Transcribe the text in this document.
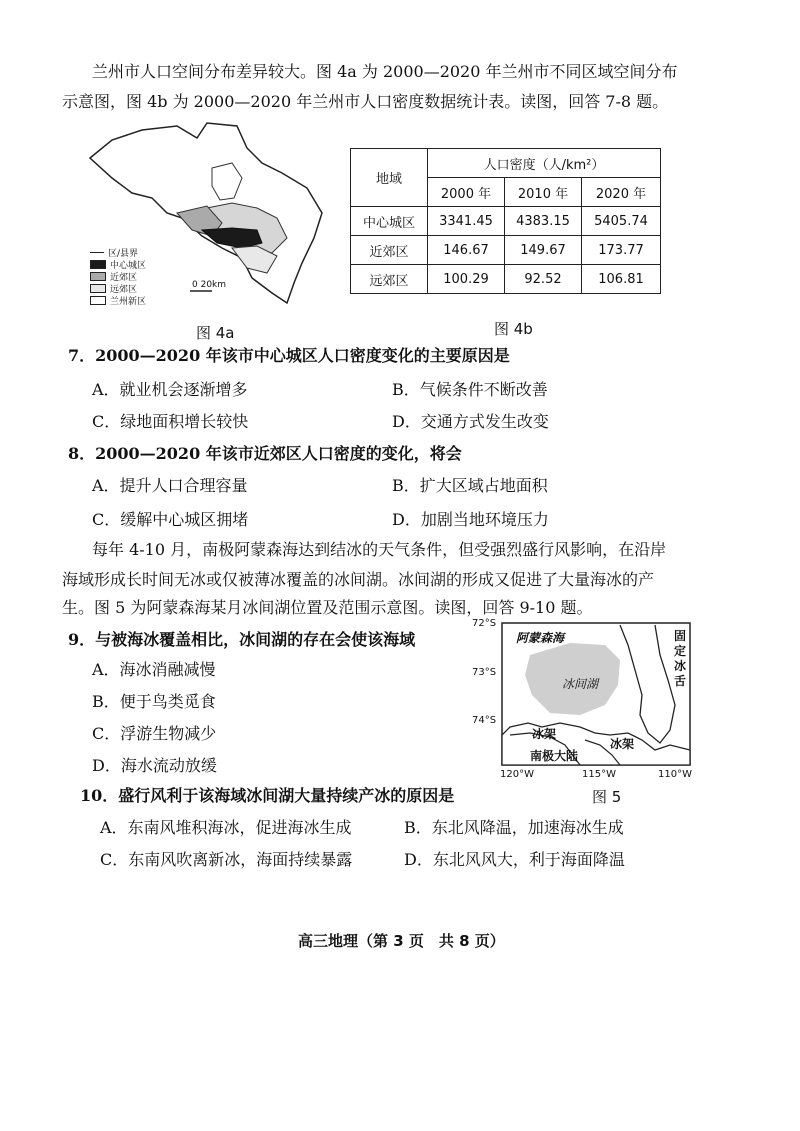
兰州市人口空间分布差异较大。图 4a 为 2000—2020 年兰州市不同区域空间分布
示意图，图 4b 为 2000—2020 年兰州市人口密度数据统计表。读图，回答 7-8 题。
区/县界
中心城区
近郊区
远郊区
兰州新区
0 20km
图 4a
地域	人口密度（人/km²）		
	2000 年	2010 年	2020 年
中心城区	3341.45	4383.15	5405.74
近郊区	146.67	149.67	173.77
远郊区	100.29	92.52	106.81
图 4b
7．2000—2020 年该市中心城区人口密度变化的主要原因是
A．就业机会逐渐增多	B．气候条件不断改善
C．绿地面积增长较快	D．交通方式发生改变
8．2000—2020 年该市近郊区人口密度的变化，将会
A．提升人口合理容量	B．扩大区域占地面积
C．缓解中心城区拥堵	D．加剧当地环境压力
每年 4-10 月，南极阿蒙森海达到结冰的天气条件，但受强烈盛行风影响，在沿岸
海域形成长时间无冰或仅被薄冰覆盖的冰间湖。冰间湖的形成又促进了大量海冰的产
生。图 5 为阿蒙森海某月冰间湖位置及范围示意图。读图，回答 9-10 题。
9．与被海冰覆盖相比，冰间湖的存在会使该海域
A．海冰消融减慢
B．便于鸟类觅食
C．浮游生物减少
D．海水流动放缓
72°S
73°S
74°S
120°W	115°W	110°W
阿蒙森海
冰间湖
固
定
冰
舌
冰架
冰架
南极大陆
图 5
10．盛行风利于该海域冰间湖大量持续产冰的原因是
A．东南风堆积海冰，促进海冰生成	B．东北风降温，加速海冰生成
C．东南风吹离新冰，海面持续暴露	D．东北风风大，利于海面降温
高三地理（第 3 页　共 8 页）
